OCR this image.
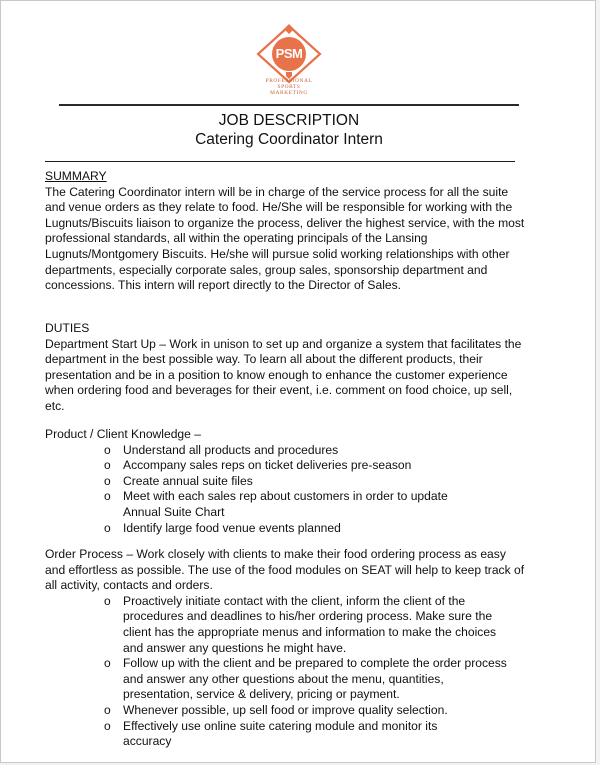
PSM
PROFESSIONAL
SPORTS
MARKETING
JOB DESCRIPTION
Catering Coordinator Intern

SUMMARY

The Catering Coordinator intern will be in charge of the service process for all the suite and venue orders as they relate to food. He/She will be responsible for working with the Lugnuts/Biscuits liaison to organize the process, deliver the highest service, with the most professional standards, all within the operating principals of the Lansing Lugnuts/Montgomery Biscuits. He/she will pursue solid working relationships with other departments, especially corporate sales, group sales, sponsorship department and concessions. This intern will report directly to the Director of Sales.

DUTIES

Department Start Up – Work in unison to set up and organize a system that facilitates the department in the best possible way. To learn all about the different products, their presentation and be in a position to know enough to enhance the customer experience when ordering food and beverages for their event, i.e. comment on food choice, up sell, etc.

Product / Client Knowledge –

o	Understand all products and procedures
o	Accompany sales reps on ticket deliveries pre-season
o	Create annual suite files
o	Meet with each sales rep about customers in order to update Annual Suite Chart
o	Identify large food venue events planned

Order Process – Work closely with clients to make their food ordering process as easy and effortless as possible. The use of the food modules on SEAT will help to keep track of all activity, contacts and orders.

o	Proactively initiate contact with the client, inform the client of the procedures and deadlines to his/her ordering process. Make sure the client has the appropriate menus and information to make the choices and answer any questions he might have.
o	Follow up with the client and be prepared to complete the order process and answer any other questions about the menu, quantities, presentation, service & delivery, pricing or payment.
o	Whenever possible, up sell food or improve quality selection.
o	Effectively use online suite catering module and monitor its accuracy
